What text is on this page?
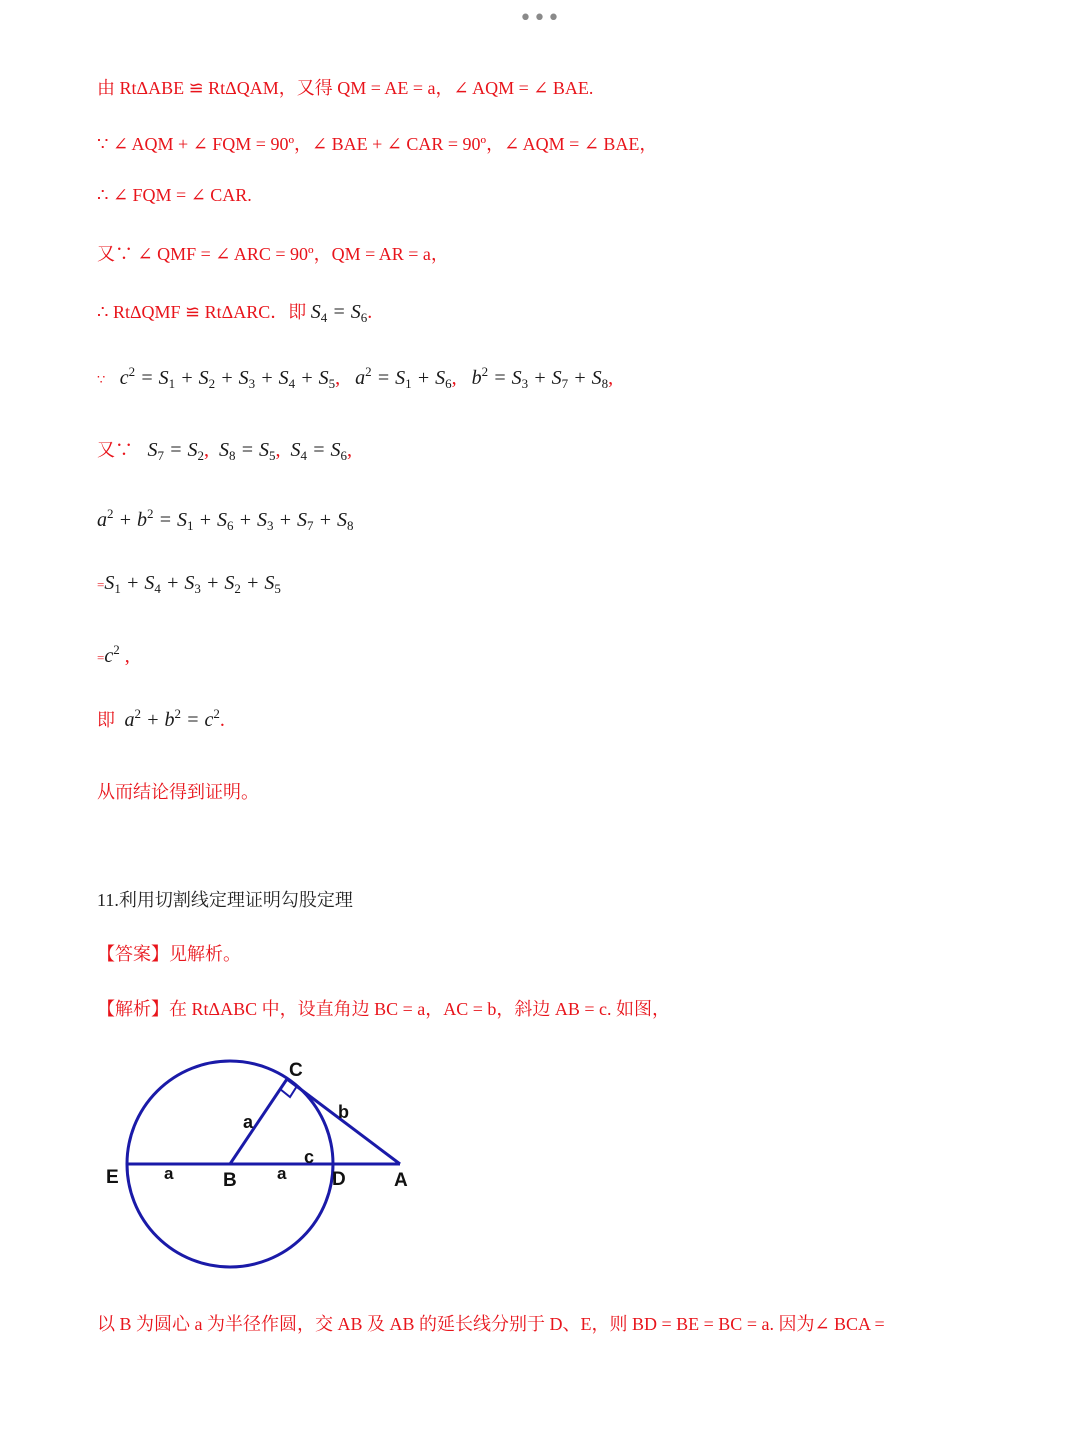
•••
由 RtΔABE ≌ RtΔQAM，又得 QM = AE = a，∠ AQM = ∠ BAE.
∵ ∠ AQM + ∠ FQM = 90º，∠ BAE + ∠ CAR = 90º，∠ AQM = ∠ BAE，
∴ ∠ FQM = ∠ CAR.
又∵ ∠ QMF = ∠ ARC = 90º，QM = AR = a，
∴ RtΔQMF ≌ RtΔARC．即 $S_4 = S_6$.
∵   $c^2 = S_1 + S_2 + S_3 + S_4 + S_5$,   $a^2 = S_1 + S_6$,   $b^2 = S_3 + S_7 + S_8$,
又∵   $S_7 = S_2$,  $S_8 = S_5$,  $S_4 = S_6$,
$a^2 + b^2 = S_1 + S_6 + S_3 + S_7 + S_8$
$=S_1 + S_4 + S_3 + S_2 + S_5$
$=c^2$ ,
即  $a^2 + b^2 = c^2$.
从而结论得到证明。
11.利用切割线定理证明勾股定理
【答案】见解析。
【解析】在 RtΔABC 中，设直角边 BC = a，AC = b，斜边 AB = c. 如图，
C
b
a
c
E	a	B a D	A
以 B 为圆心 a 为半径作圆，交 AB 及 AB 的延长线分别于 D、E，则 BD = BE = BC = a. 因为∠ BCA =
